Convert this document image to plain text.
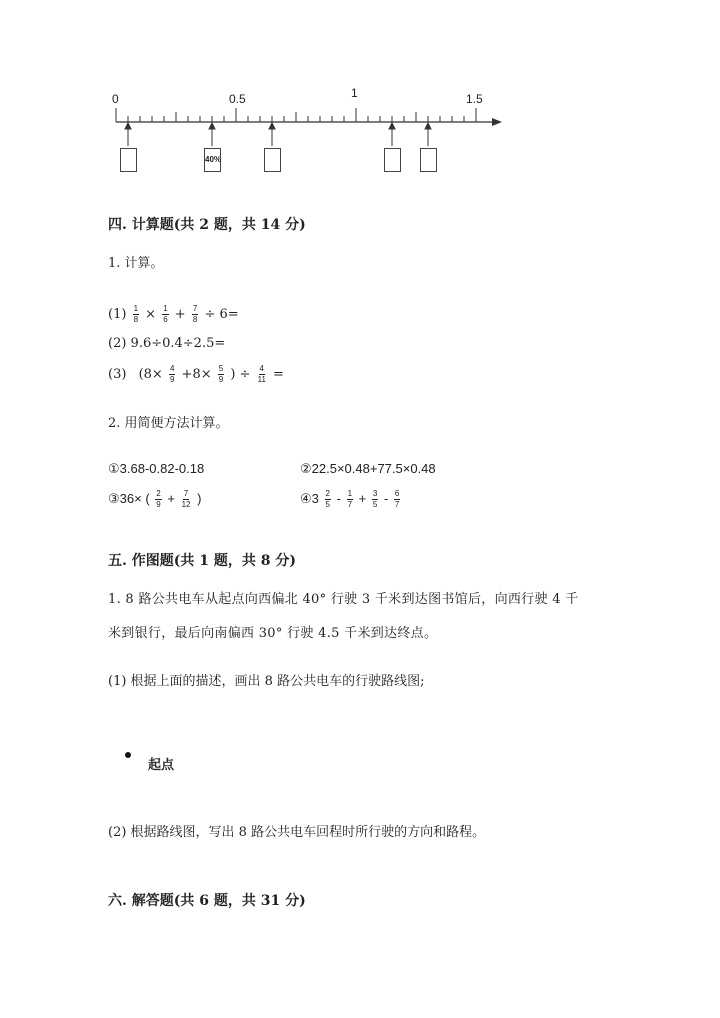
0	0.5	1	1.5
40%
四. 计算题(共 2 题，共 14 分)
1. 计算。
$(1) \frac{1}{8} \times \frac{1}{6} + \frac{7}{8} \div 6=$
(2) 9.6÷0.4÷2.5=
(3) ($8\times \frac{4}{9} +8\times \frac{5}{9}$ ) ÷ $\frac{4}{11}$ =
2. 用简便方法计算。
①3.68-0.82-0.18	②22.5×0.48+77.5×0.48
③36× ( $\frac{2}{9} + \frac{7}{12}$ )	④3 $\frac{2}{5} - \frac{1}{7} + \frac{3}{5} - \frac{6}{7}$
五. 作图题(共 1 题，共 8 分)
1. 8 路公共电车从起点向西偏北 40° 行驶 3 千米到达图书馆后，向西行驶 4 千
米到银行，最后向南偏西 30° 行驶 4.5 千米到达终点。
(1) 根据上面的描述，画出 8 路公共电车的行驶路线图;
起点
(2) 根据路线图，写出 8 路公共电车回程时所行驶的方向和路程。
六. 解答题(共 6 题，共 31 分)
